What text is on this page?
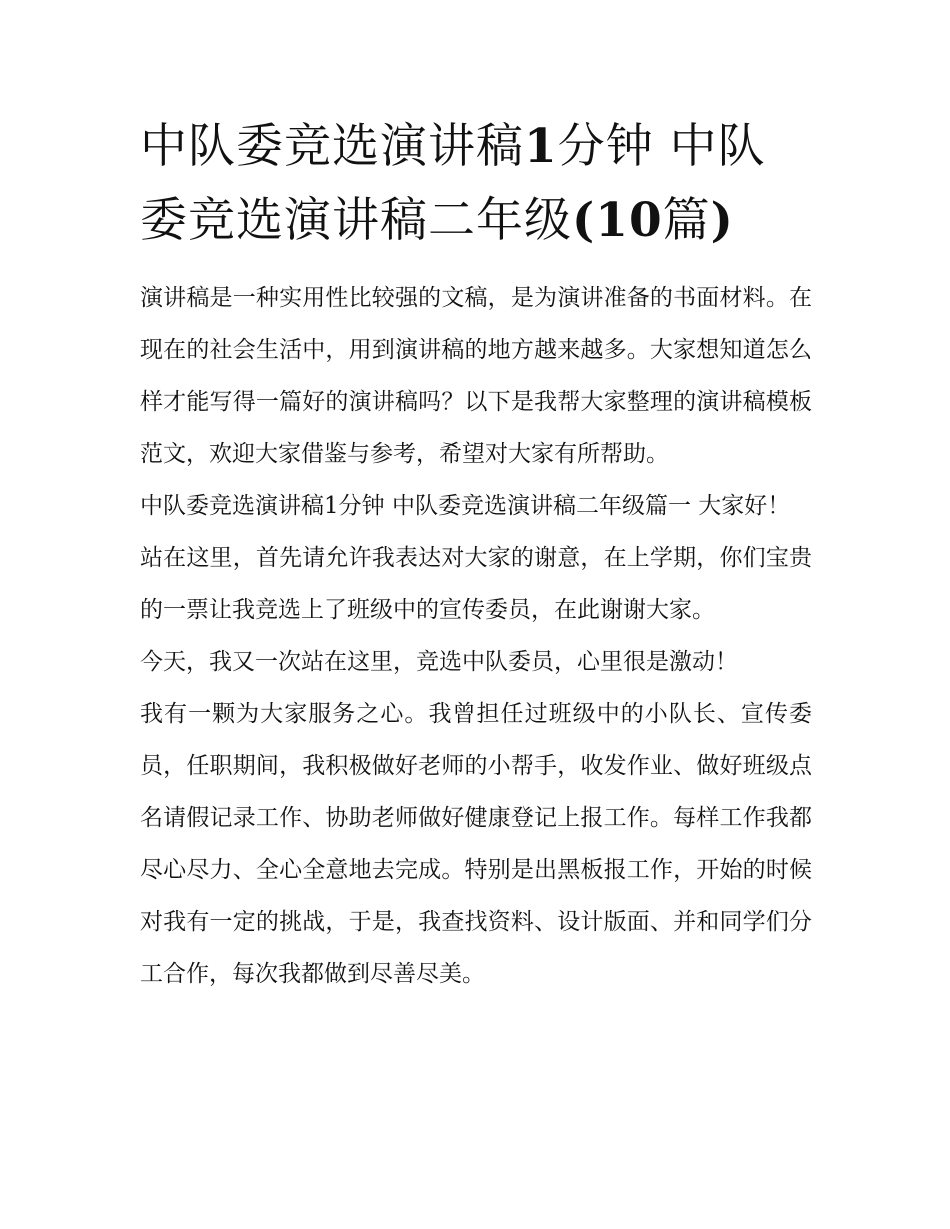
中队委竞选演讲稿1分钟 中队委竞选演讲稿二年级(10篇)

演讲稿是一种实用性比较强的文稿，是为演讲准备的书面材料。在现在的社会生活中，用到演讲稿的地方越来越多。大家想知道怎么样才能写得一篇好的演讲稿吗？以下是我帮大家整理的演讲稿模板范文，欢迎大家借鉴与参考，希望对大家有所帮助。

中队委竞选演讲稿1分钟 中队委竞选演讲稿二年级篇一 大家好！

站在这里，首先请允许我表达对大家的谢意，在上学期，你们宝贵的一票让我竞选上了班级中的宣传委员，在此谢谢大家。

今天，我又一次站在这里，竞选中队委员，心里很是激动！

我有一颗为大家服务之心。我曾担任过班级中的小队长、宣传委员，任职期间，我积极做好老师的小帮手，收发作业、做好班级点名请假记录工作、协助老师做好健康登记上报工作。每样工作我都尽心尽力、全心全意地去完成。特别是出黑板报工作，开始的时候对我有一定的挑战，于是，我查找资料、设计版面、并和同学们分工合作，每次我都做到尽善尽美。
